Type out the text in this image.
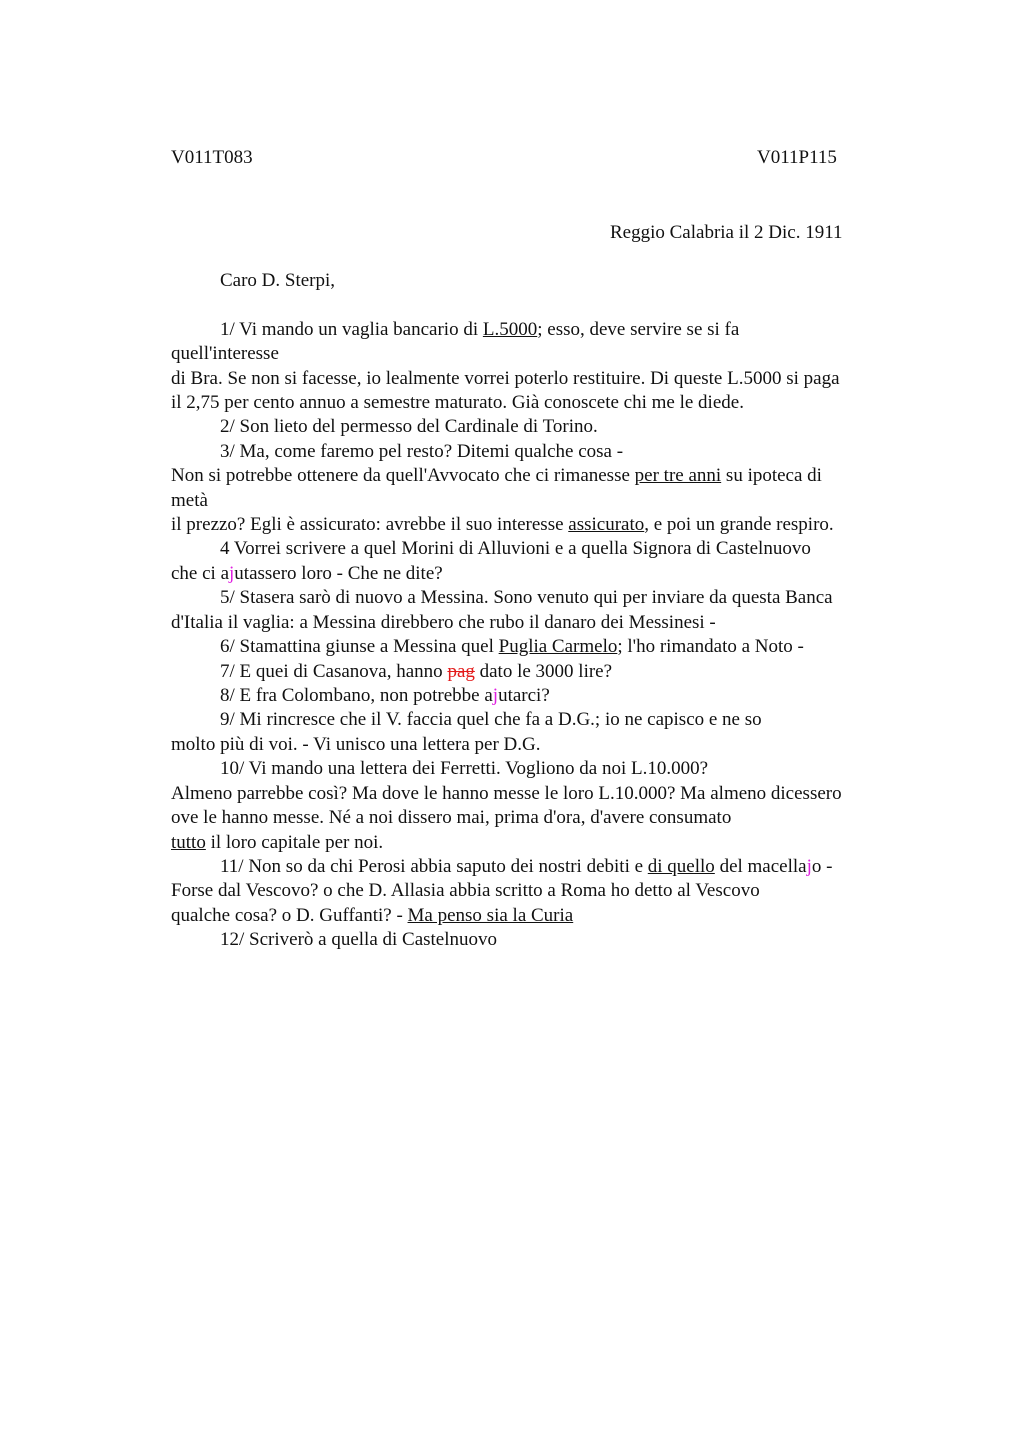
V011T083	V011P115
Reggio Calabria il 2 Dic. 1911
Caro D. Sterpi,
1/ Vi mando un vaglia bancario di L.5000; esso, deve servire se si fa
quell'interesse
di Bra. Se non si facesse, io lealmente vorrei poterlo restituire. Di queste L.5000 si paga
il 2,75 per cento annuo a semestre maturato. Già conoscete chi me le diede.
2/ Son lieto del permesso del Cardinale di Torino.
3/ Ma, come faremo pel resto? Ditemi qualche cosa -
Non si potrebbe ottenere da quell'Avvocato che ci rimanesse per tre anni su ipoteca di
metà
il prezzo? Egli è assicurato: avrebbe il suo interesse assicurato, e poi un grande respiro.
4 Vorrei scrivere a quel Morini di Alluvioni e a quella Signora di Castelnuovo
che ci ajutassero loro - Che ne dite?
5/ Stasera sarò di nuovo a Messina. Sono venuto qui per inviare da questa Banca
d'Italia il vaglia: a Messina direbbero che rubo il danaro dei Messinesi -
6/ Stamattina giunse a Messina quel Puglia Carmelo; l'ho rimandato a Noto -
7/ E quei di Casanova, hanno pag dato le 3000 lire?
8/ E fra Colombano, non potrebbe ajutarci?
9/ Mi rincresce che il V. faccia quel che fa a D.G.; io ne capisco e ne so
molto più di voi. - Vi unisco una lettera per D.G.
10/ Vi mando una lettera dei Ferretti. Vogliono da noi L.10.000?
Almeno parrebbe così? Ma dove le hanno messe le loro L.10.000? Ma almeno dicessero
ove le hanno messe. Né a noi dissero mai, prima d'ora, d'avere consumato
tutto il loro capitale per noi.
11/ Non so da chi Perosi abbia saputo dei nostri debiti e di quello del macellajo -
Forse dal Vescovo? o che D. Allasia abbia scritto a Roma ho detto al Vescovo
qualche cosa? o D. Guffanti? - Ma penso sia la Curia
12/ Scriverò a quella di Castelnuovo
